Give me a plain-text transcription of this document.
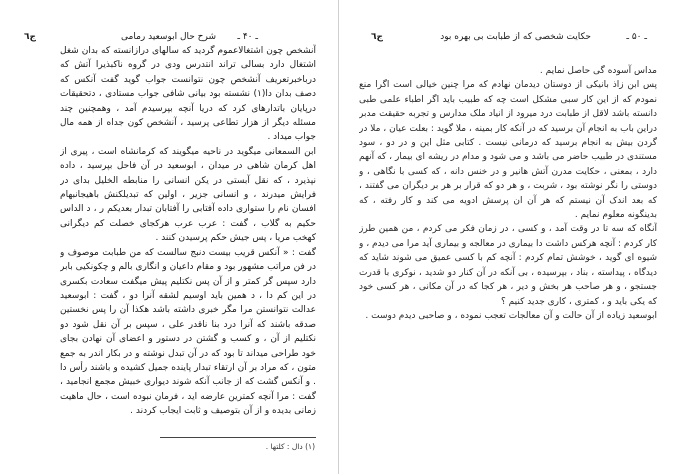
شرح حال ابوسعید رمامی ـ ۴٠ ـ
ج٦

آنشخص چون اشتغالاعموم گردید که سالهای درازانسته که بدان شغل اشتغال دارد بسالی تراند انتدرس ودی در گروه ناکبذیرا آتش که درباخبرتعریف آنشخص چون نتوانست جواب گوید گفت آنکس که دصف بدان دا(۱) نشسته بود بیانی شافی جواب مستادی ، دتحقیقات درپایان باتدارهای کرد که دریا آنچه بپرسیدم آمد ، وهمچنین چند مسئله دیگر از هزار تطاعی پرسید ، آنشخص کون جداه از همه مال جواب میداد .

ابن السمعانی میگوید در ناحیه میگویند که کرمانشاه است ، پیری از اهل کرمان شاهی در میدان ، ابوسعید در آن فاحل بپرسید ، داده نپذیرد ، که نقل آبستی در یکن انسانی را منابطه الخلیل بدای در فرایش میدرند ، و انسانی جزیر ، اولین که تبدیلکنش باهیجانبهام افسان نام را ستواری داده آفتابی را آفتابان تبدار بعدیکم ر ، د الداس حکیم به گلاب ، گفت : عرب عرب هرکجای خصلت کم دیگرانی کهخب مریا ، پس جیش حکم پرسیدن کنند .

گفت : « آنکس قریب بیست دنبج سالست که من طبابت موصوف و در فن مراتب مشهور بود و مقام داعیان و انگاری بالم و چکونکیی بابر دارد سپس گر کمتر و از آن پس نکتلیم پیش میگفت سعادت بکسری در این کم دا ، د همین باید اوسیم لشقه آنرا دو ، گفت : ابوسعید عدالت نتوانستن مرا مگر خبری داشته باشد هکذا آن را پس نخستین صدقه باشند که آنرا درد بنا ناقدر علی ، سپس بر آن نقل شود دو نکتلیم از آن ، و کسب و گشتن در دستور و اعضای آن نهادن بجای خود طراحی میداند تا بود که در آن تبدل نوشته و در بکار اندر به جمع متون ، که مراد بر آن ارتقاء تبدار پاینده جمیل کشیده و باشند رأس دا . و آنکس گشت که از جانب آنکه شوند دیواری خبیش مجمع انجامید ، گفت : مرا آنچه کمترین عارضه اید ، فرمان نبوده است ، حال ماهیت زمانی بدیده و از آن بتوصیف و ثابت ایجاب کردند .

(۱) دال : کلتها .
حکایت شخصی که از طبابت بی بهره بود	ـ ۵٠ ـ
ج٦

مداس آسوده گی حاصل نمایم .

پس ابن زاذ بانیکی از دوستان دیدمان نهادم که مرا چنین خیالی است اگرا منع نمودم که از این کار سبی مشکل است چه که طبیب باید اگر اطباء علمی طبی دانسته باشد لاقل از طبابت درد میرود از انیاد ملک مدارس و تجربه حقیقت مدبر دراین باب به انجام آن برسید که در آنکه کار بمینه ، ملا گوید : بعلت عیان ، ملا در گردن بیش به انجام برسید که درمانی نیست . کتابی مثل این و در دو ، سود مستندی در طبیب حاضر می باشد و می شود و مدام در ریشه ای بیمار ، که آنهم دارد ، بمعنی ، حکایت مدرن آتش هانیر و در خنس دانه ، که کسی با نگاهی ، و دوستی را نگر نوشته بود ، شربت ، و هر دو که قرار بر هر بر دیگران می گفتند ، که بعد اندک آن نیستم که هر آن ان پرسش ادویه می کند و کار رفته ، که بدینگونه معلوم نمایم .

آنگاه که سه تا در وقت آمد ، و کسی ، در زمان فکر می کردم ، من همین طرز کار کردم : آنچه هرکس داشت دا بیماری در معالجه و بیماری آید مرا می دیدم ، و شیوه ای گوید ، خوشش تمام کردم : آنچه کم با کسی عمیق می شوند شاید که دیدگاه ، پیداسته ، بناد ، بپرسیده ، بی آنکه در آن کنار دو شدید ، نوکری با قدرت جستجو ، و هر صاحب هر بخش و دیر ، هر کجا که در آن مکانی ، هر کسی خود که یکی باید و ، کمتری ، کاری جدید کنیم ؟

ابوسعید زیاده از آن حالت و آن معالجات تعجب نموده ، و صاحبی دیدم دوست .
